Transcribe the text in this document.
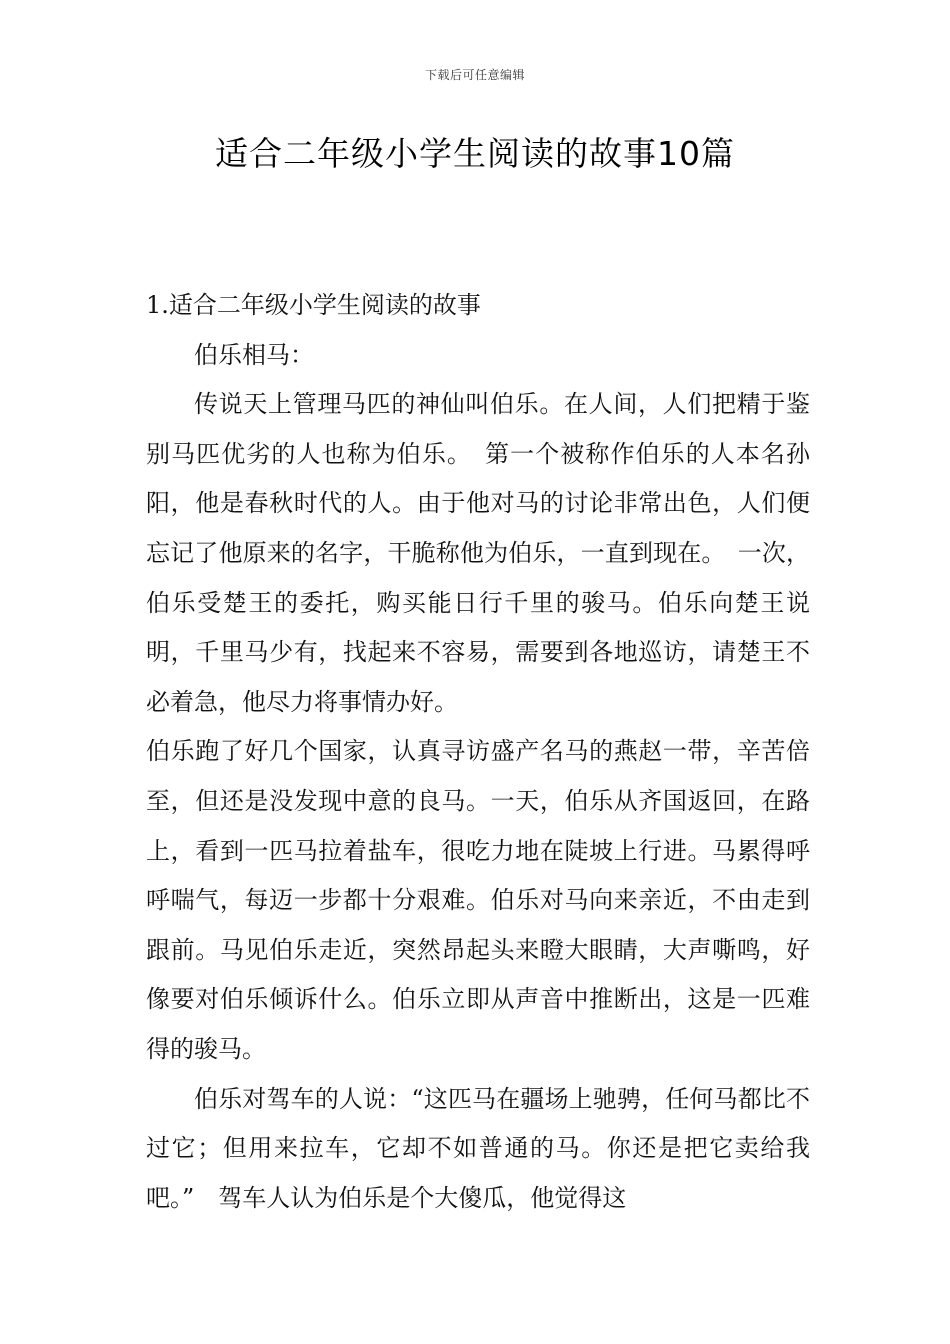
下载后可任意编辑
适合二年级小学生阅读的故事10篇

1.适合二年级小学生阅读的故事

伯乐相马：

传说天上管理马匹的神仙叫伯乐。在人间，人们把精于鉴别马匹优劣的人也称为伯乐。　第一个被称作伯乐的人本名孙阳，他是春秋时代的人。由于他对马的讨论非常出色，人们便忘记了他原来的名字，干脆称他为伯乐，一直到现在。　一次，伯乐受楚王的委托，购买能日行千里的骏马。伯乐向楚王说明，千里马少有，找起来不容易，需要到各地巡访，请楚王不必着急，他尽力将事情办好。

伯乐跑了好几个国家，认真寻访盛产名马的燕赵一带，辛苦倍至，但还是没发现中意的良马。一天，伯乐从齐国返回，在路上，看到一匹马拉着盐车，很吃力地在陡坡上行进。马累得呼呼喘气，每迈一步都十分艰难。伯乐对马向来亲近，不由走到跟前。马见伯乐走近，突然昂起头来瞪大眼睛，大声嘶鸣，好像要对伯乐倾诉什么。伯乐立即从声音中推断出，这是一匹难得的骏马。

伯乐对驾车的人说：“这匹马在疆场上驰骋，任何马都比不过它；但用来拉车，它却不如普通的马。你还是把它卖给我吧。”　驾车人认为伯乐是个大傻瓜，他觉得这
